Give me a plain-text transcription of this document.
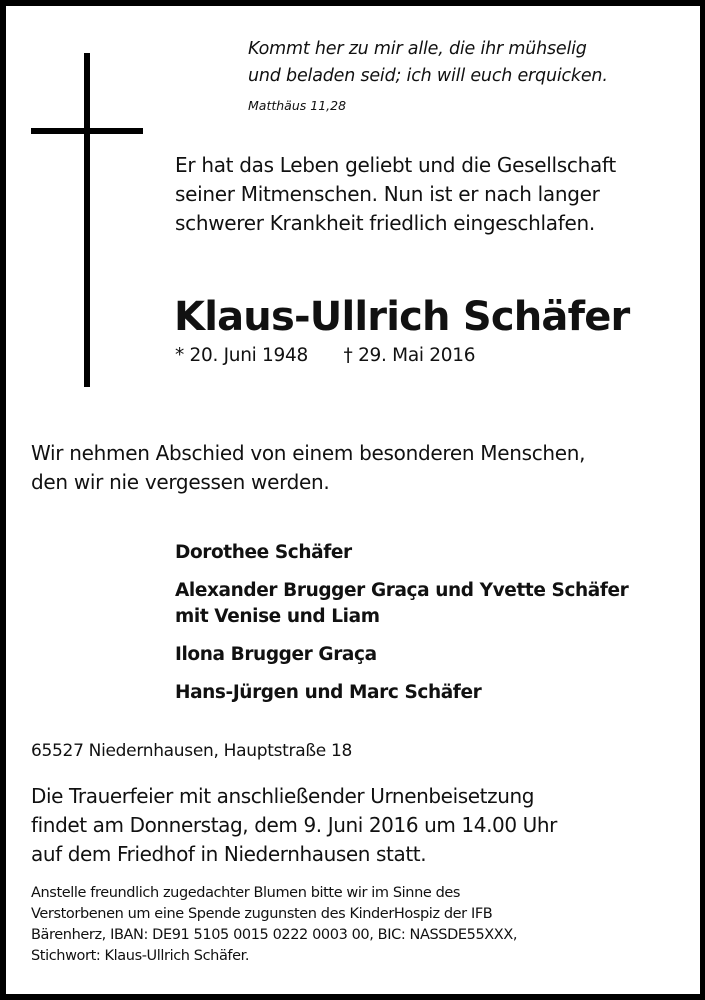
Kommt her zu mir alle, die ihr mühselig
und beladen seid; ich will euch erquicken.
Matthäus 11,28
Er hat das Leben geliebt und die Gesellschaft
seiner Mitmenschen. Nun ist er nach langer
schwerer Krankheit friedlich eingeschlafen.
Klaus-Ullrich Schäfer
* 20. Juni 1948 † 29. Mai 2016
Wir nehmen Abschied von einem besonderen Menschen,
den wir nie vergessen werden.
Dorothee Schäfer
Alexander Brugger Graça und Yvette Schäfer
mit Venise und Liam
Ilona Brugger Graça
Hans-Jürgen und Marc Schäfer
65527 Niedernhausen, Hauptstraße 18
Die Trauerfeier mit anschließender Urnenbeisetzung
findet am Donnerstag, dem 9. Juni 2016 um 14.00 Uhr
auf dem Friedhof in Niedernhausen statt.
Anstelle freundlich zugedachter Blumen bitte wir im Sinne des
Verstorbenen um eine Spende zugunsten des KinderHospiz der IFB
Bärenherz, IBAN: DE91 5105 0015 0222 0003 00, BIC: NASSDE55XXX,
Stichwort: Klaus-Ullrich Schäfer.
